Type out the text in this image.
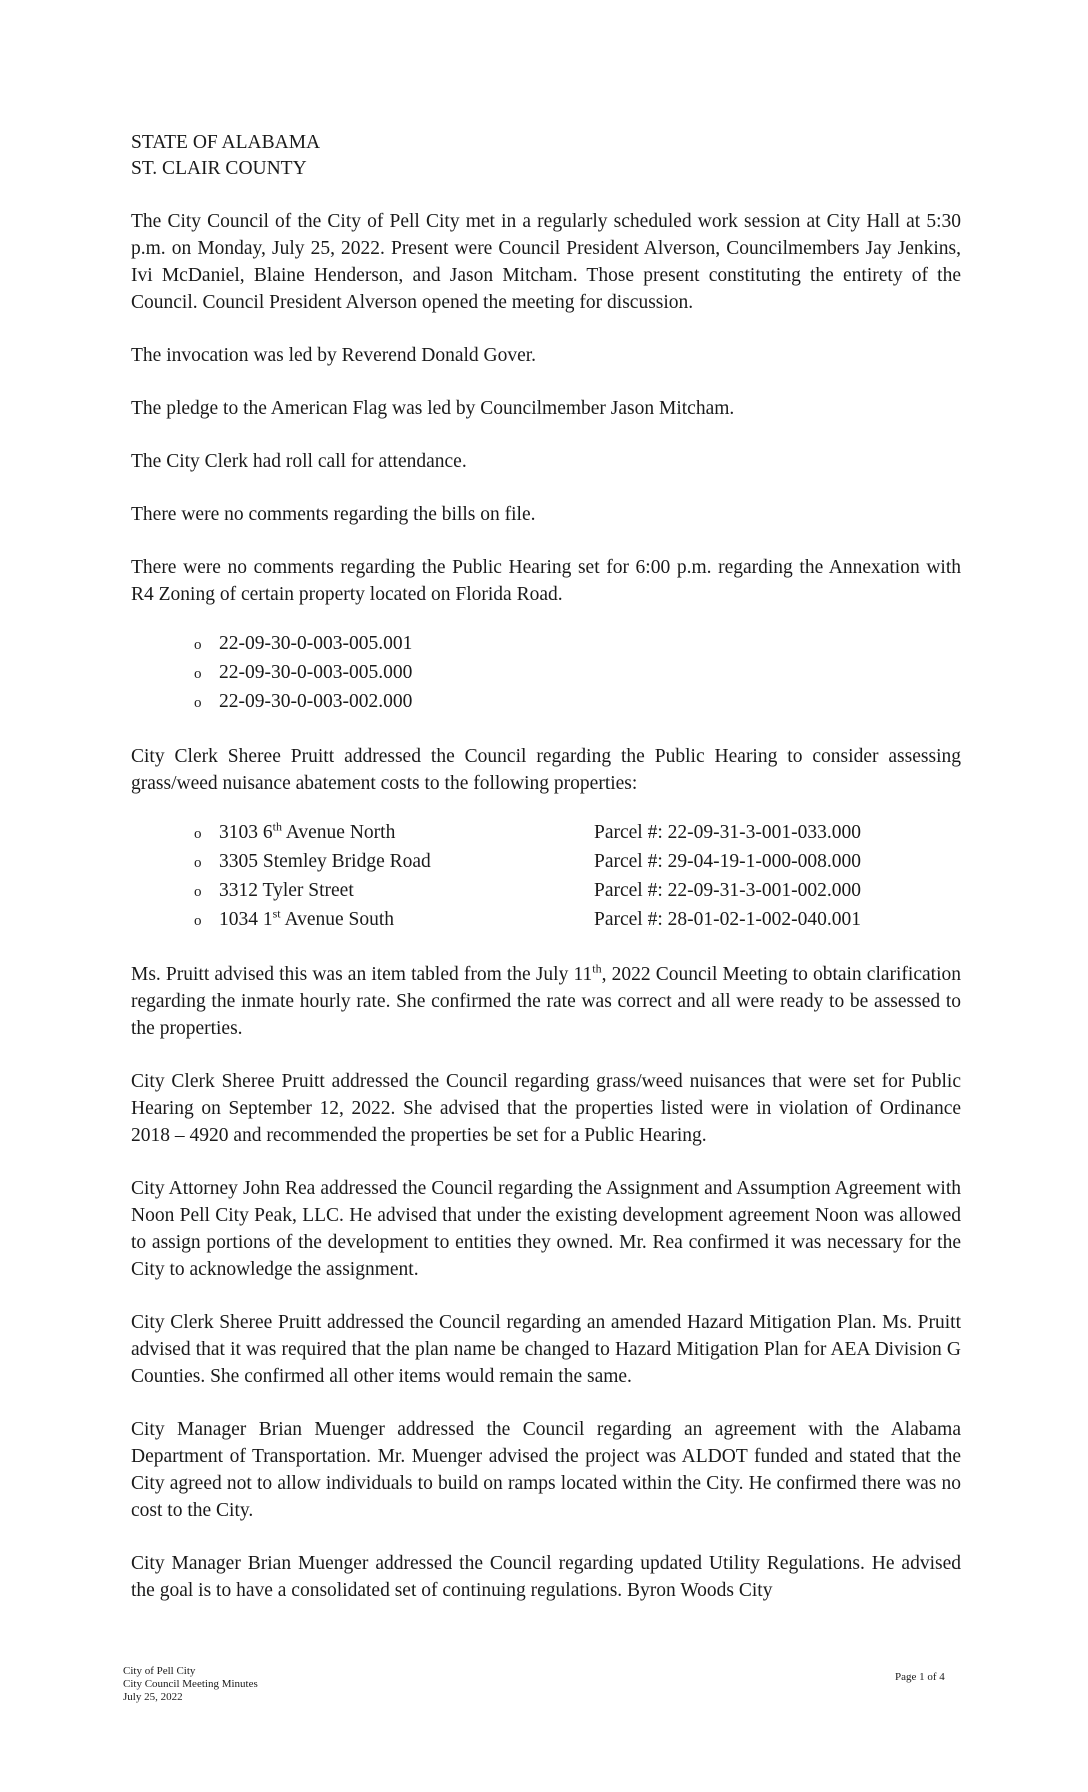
STATE OF ALABAMA
ST. CLAIR COUNTY

The City Council of the City of Pell City met in a regularly scheduled work session at City Hall at 5:30 p.m. on Monday, July 25, 2022. Present were Council President Alverson, Councilmembers Jay Jenkins, Ivi McDaniel, Blaine Henderson, and Jason Mitcham. Those present constituting the entirety of the Council. Council President Alverson opened the meeting for discussion.

The invocation was led by Reverend Donald Gover.

The pledge to the American Flag was led by Councilmember Jason Mitcham.

The City Clerk had roll call for attendance.

There were no comments regarding the bills on file.

There were no comments regarding the Public Hearing set for 6:00 p.m. regarding the Annexation with R4 Zoning of certain property located on Florida Road.

o 22-09-30-0-003-005.001
o 22-09-30-0-003-005.000
o 22-09-30-0-003-002.000

City Clerk Sheree Pruitt addressed the Council regarding the Public Hearing to consider assessing grass/weed nuisance abatement costs to the following properties:

o 3103 6th Avenue North	Parcel #: 22-09-31-3-001-033.000
o 3305 Stemley Bridge Road	Parcel #: 29-04-19-1-000-008.000
o 3312 Tyler Street	Parcel #: 22-09-31-3-001-002.000
o 1034 1st Avenue South	Parcel #: 28-01-02-1-002-040.001

Ms. Pruitt advised this was an item tabled from the July 11th, 2022 Council Meeting to obtain clarification regarding the inmate hourly rate. She confirmed the rate was correct and all were ready to be assessed to the properties.

City Clerk Sheree Pruitt addressed the Council regarding grass/weed nuisances that were set for Public Hearing on September 12, 2022. She advised that the properties listed were in violation of Ordinance 2018 – 4920 and recommended the properties be set for a Public Hearing.

City Attorney John Rea addressed the Council regarding the Assignment and Assumption Agreement with Noon Pell City Peak, LLC. He advised that under the existing development agreement Noon was allowed to assign portions of the development to entities they owned. Mr. Rea confirmed it was necessary for the City to acknowledge the assignment.

City Clerk Sheree Pruitt addressed the Council regarding an amended Hazard Mitigation Plan. Ms. Pruitt advised that it was required that the plan name be changed to Hazard Mitigation Plan for AEA Division G Counties. She confirmed all other items would remain the same.

City Manager Brian Muenger addressed the Council regarding an agreement with the Alabama Department of Transportation. Mr. Muenger advised the project was ALDOT funded and stated that the City agreed not to allow individuals to build on ramps located within the City. He confirmed there was no cost to the City.

City Manager Brian Muenger addressed the Council regarding updated Utility Regulations. He advised the goal is to have a consolidated set of continuing regulations. Byron Woods City

City of Pell City
City Council Meeting Minutes
July 25, 2022
Page 1 of 4
